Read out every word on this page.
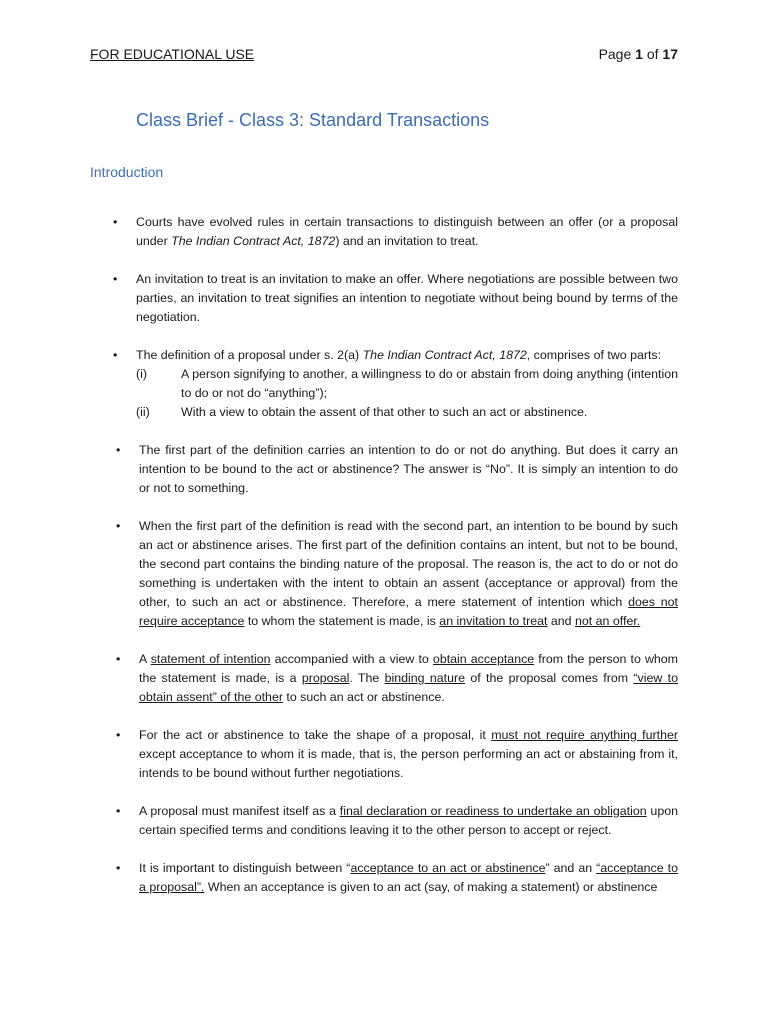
FOR EDUCATIONAL USE	Page 1 of 17
Class Brief - Class 3: Standard Transactions
Introduction
• Courts have evolved rules in certain transactions to distinguish between an offer (or a proposal under The Indian Contract Act, 1872) and an invitation to treat.
• An invitation to treat is an invitation to make an offer. Where negotiations are possible between two parties, an invitation to treat signifies an intention to negotiate without being bound by terms of the negotiation.
• The definition of a proposal under s. 2(a) The Indian Contract Act, 1872, comprises of two parts:
(i)	A person signifying to another, a willingness to do or abstain from doing anything (intention to do or not do “anything”);
(ii)	With a view to obtain the assent of that other to such an act or abstinence.
• The first part of the definition carries an intention to do or not do anything. But does it carry an intention to be bound to the act or abstinence? The answer is “No”. It is simply an intention to do or not to something.
• When the first part of the definition is read with the second part, an intention to be bound by such an act or abstinence arises. The first part of the definition contains an intent, but not to be bound, the second part contains the binding nature of the proposal. The reason is, the act to do or not do something is undertaken with the intent to obtain an assent (acceptance or approval) from the other, to such an act or abstinence. Therefore, a mere statement of intention which does not require acceptance to whom the statement is made, is an invitation to treat and not an offer.
• A statement of intention accompanied with a view to obtain acceptance from the person to whom the statement is made, is a proposal. The binding nature of the proposal comes from “view to obtain assent” of the other to such an act or abstinence.
• For the act or abstinence to take the shape of a proposal, it must not require anything further except acceptance to whom it is made, that is, the person performing an act or abstaining from it, intends to be bound without further negotiations.
• A proposal must manifest itself as a final declaration or readiness to undertake an obligation upon certain specified terms and conditions leaving it to the other person to accept or reject.
• It is important to distinguish between “acceptance to an act or abstinence” and an “acceptance to a proposal”. When an acceptance is given to an act (say, of making a statement) or abstinence
